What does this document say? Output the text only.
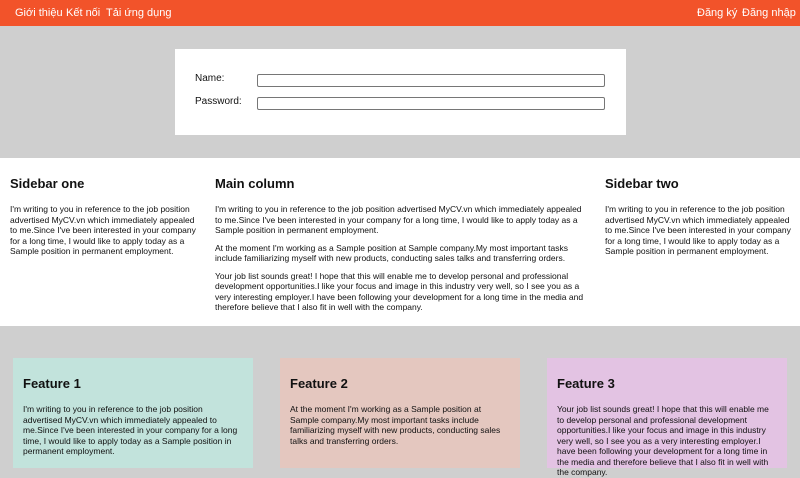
Giới thiệu Kết nối Tải ứng dụng	Đăng ký Đăng nhập
Name:
Password:
Sidebar one

I'm writing to you in reference to the job position advertised MyCV.vn which immediately appealed to me.Since I've been interested in your company for a long time, I would like to apply today as a Sample position in permanent employment.

Main column

I'm writing to you in reference to the job position advertised MyCV.vn which immediately appealed to me.Since I've been interested in your company for a long time, I would like to apply today as a Sample position in permanent employment.

At the moment I'm working as a Sample position at Sample company.My most important tasks include familiarizing myself with new products, conducting sales talks and transferring orders.

Your job list sounds great! I hope that this will enable me to develop personal and professional development opportunities.I like your focus and image in this industry very well, so I see you as a very interesting employer.I have been following your development for a long time in the media and therefore believe that I also fit in well with the company.

Sidebar two

I'm writing to you in reference to the job position advertised MyCV.vn which immediately appealed to me.Since I've been interested in your company for a long time, I would like to apply today as a Sample position in permanent employment.

Feature 1

I'm writing to you in reference to the job position advertised MyCV.vn which immediately appealed to me.Since I've been interested in your company for a long time, I would like to apply today as a Sample position in permanent employment.

Feature 2

At the moment I'm working as a Sample position at Sample company.My most important tasks include familiarizing myself with new products, conducting sales talks and transferring orders.

Feature 3

Your job list sounds great! I hope that this will enable me to develop personal and professional development opportunities.I like your focus and image in this industry very well, so I see you as a very interesting employer.I have been following your development for a long time in the media and therefore believe that I also fit in well with the company.
